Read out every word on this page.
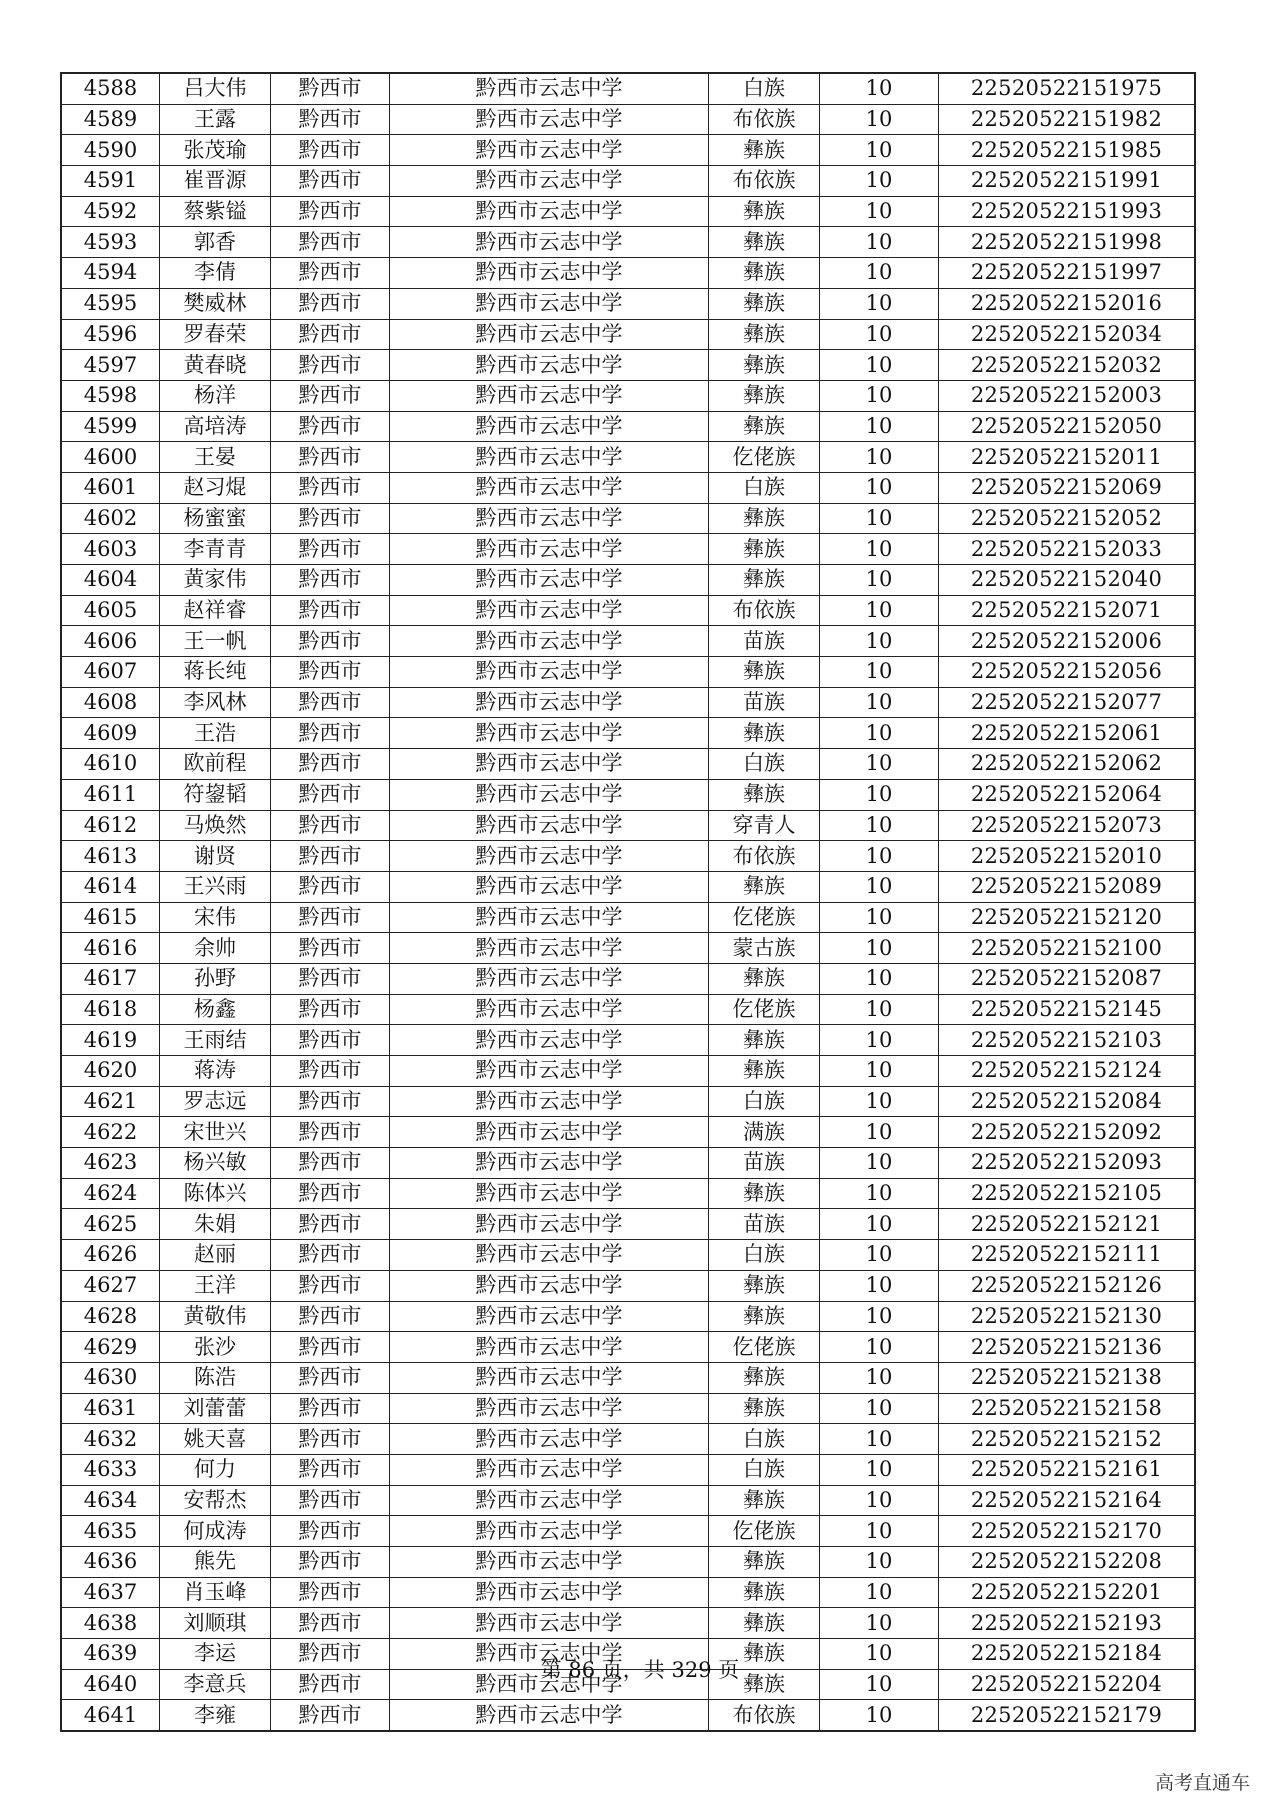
4588	吕大伟	黔西市	黔西市云志中学	白族	10	22520522151975
4589	王露	黔西市	黔西市云志中学	布依族	10	22520522151982
4590	张茂瑜	黔西市	黔西市云志中学	彝族	10	22520522151985
4591	崔晋源	黔西市	黔西市云志中学	布依族	10	22520522151991
4592	蔡紫镒	黔西市	黔西市云志中学	彝族	10	22520522151993
4593	郭香	黔西市	黔西市云志中学	彝族	10	22520522151998
4594	李倩	黔西市	黔西市云志中学	彝族	10	22520522151997
4595	樊威林	黔西市	黔西市云志中学	彝族	10	22520522152016
4596	罗春荣	黔西市	黔西市云志中学	彝族	10	22520522152034
4597	黄春晓	黔西市	黔西市云志中学	彝族	10	22520522152032
4598	杨洋	黔西市	黔西市云志中学	彝族	10	22520522152003
4599	高培涛	黔西市	黔西市云志中学	彝族	10	22520522152050
4600	王晏	黔西市	黔西市云志中学	仡佬族	10	22520522152011
4601	赵习焜	黔西市	黔西市云志中学	白族	10	22520522152069
4602	杨蜜蜜	黔西市	黔西市云志中学	彝族	10	22520522152052
4603	李青青	黔西市	黔西市云志中学	彝族	10	22520522152033
4604	黄家伟	黔西市	黔西市云志中学	彝族	10	22520522152040
4605	赵祥睿	黔西市	黔西市云志中学	布依族	10	22520522152071
4606	王一帆	黔西市	黔西市云志中学	苗族	10	22520522152006
4607	蒋长纯	黔西市	黔西市云志中学	彝族	10	22520522152056
4608	李风林	黔西市	黔西市云志中学	苗族	10	22520522152077
4609	王浩	黔西市	黔西市云志中学	彝族	10	22520522152061
4610	欧前程	黔西市	黔西市云志中学	白族	10	22520522152062
4611	符鋆韬	黔西市	黔西市云志中学	彝族	10	22520522152064
4612	马焕然	黔西市	黔西市云志中学	穿青人	10	22520522152073
4613	谢贤	黔西市	黔西市云志中学	布依族	10	22520522152010
4614	王兴雨	黔西市	黔西市云志中学	彝族	10	22520522152089
4615	宋伟	黔西市	黔西市云志中学	仡佬族	10	22520522152120
4616	余帅	黔西市	黔西市云志中学	蒙古族	10	22520522152100
4617	孙野	黔西市	黔西市云志中学	彝族	10	22520522152087
4618	杨鑫	黔西市	黔西市云志中学	仡佬族	10	22520522152145
4619	王雨结	黔西市	黔西市云志中学	彝族	10	22520522152103
4620	蒋涛	黔西市	黔西市云志中学	彝族	10	22520522152124
4621	罗志远	黔西市	黔西市云志中学	白族	10	22520522152084
4622	宋世兴	黔西市	黔西市云志中学	满族	10	22520522152092
4623	杨兴敏	黔西市	黔西市云志中学	苗族	10	22520522152093
4624	陈体兴	黔西市	黔西市云志中学	彝族	10	22520522152105
4625	朱娟	黔西市	黔西市云志中学	苗族	10	22520522152121
4626	赵丽	黔西市	黔西市云志中学	白族	10	22520522152111
4627	王洋	黔西市	黔西市云志中学	彝族	10	22520522152126
4628	黄敬伟	黔西市	黔西市云志中学	彝族	10	22520522152130
4629	张沙	黔西市	黔西市云志中学	仡佬族	10	22520522152136
4630	陈浩	黔西市	黔西市云志中学	彝族	10	22520522152138
4631	刘蕾蕾	黔西市	黔西市云志中学	彝族	10	22520522152158
4632	姚天喜	黔西市	黔西市云志中学	白族	10	22520522152152
4633	何力	黔西市	黔西市云志中学	白族	10	22520522152161
4634	安帮杰	黔西市	黔西市云志中学	彝族	10	22520522152164
4635	何成涛	黔西市	黔西市云志中学	仡佬族	10	22520522152170
4636	熊先	黔西市	黔西市云志中学	彝族	10	22520522152208
4637	肖玉峰	黔西市	黔西市云志中学	彝族	10	22520522152201
4638	刘顺琪	黔西市	黔西市云志中学	彝族	10	22520522152193
4639	李运	黔西市	黔西市云志中学	彝族	10	22520522152184
4640	李意兵	黔西市	黔西市云志中学	彝族	10	22520522152204
4641	李雍	黔西市	黔西市云志中学	布依族	10	22520522152179
第 86 页，共 329 页
高考直通车
